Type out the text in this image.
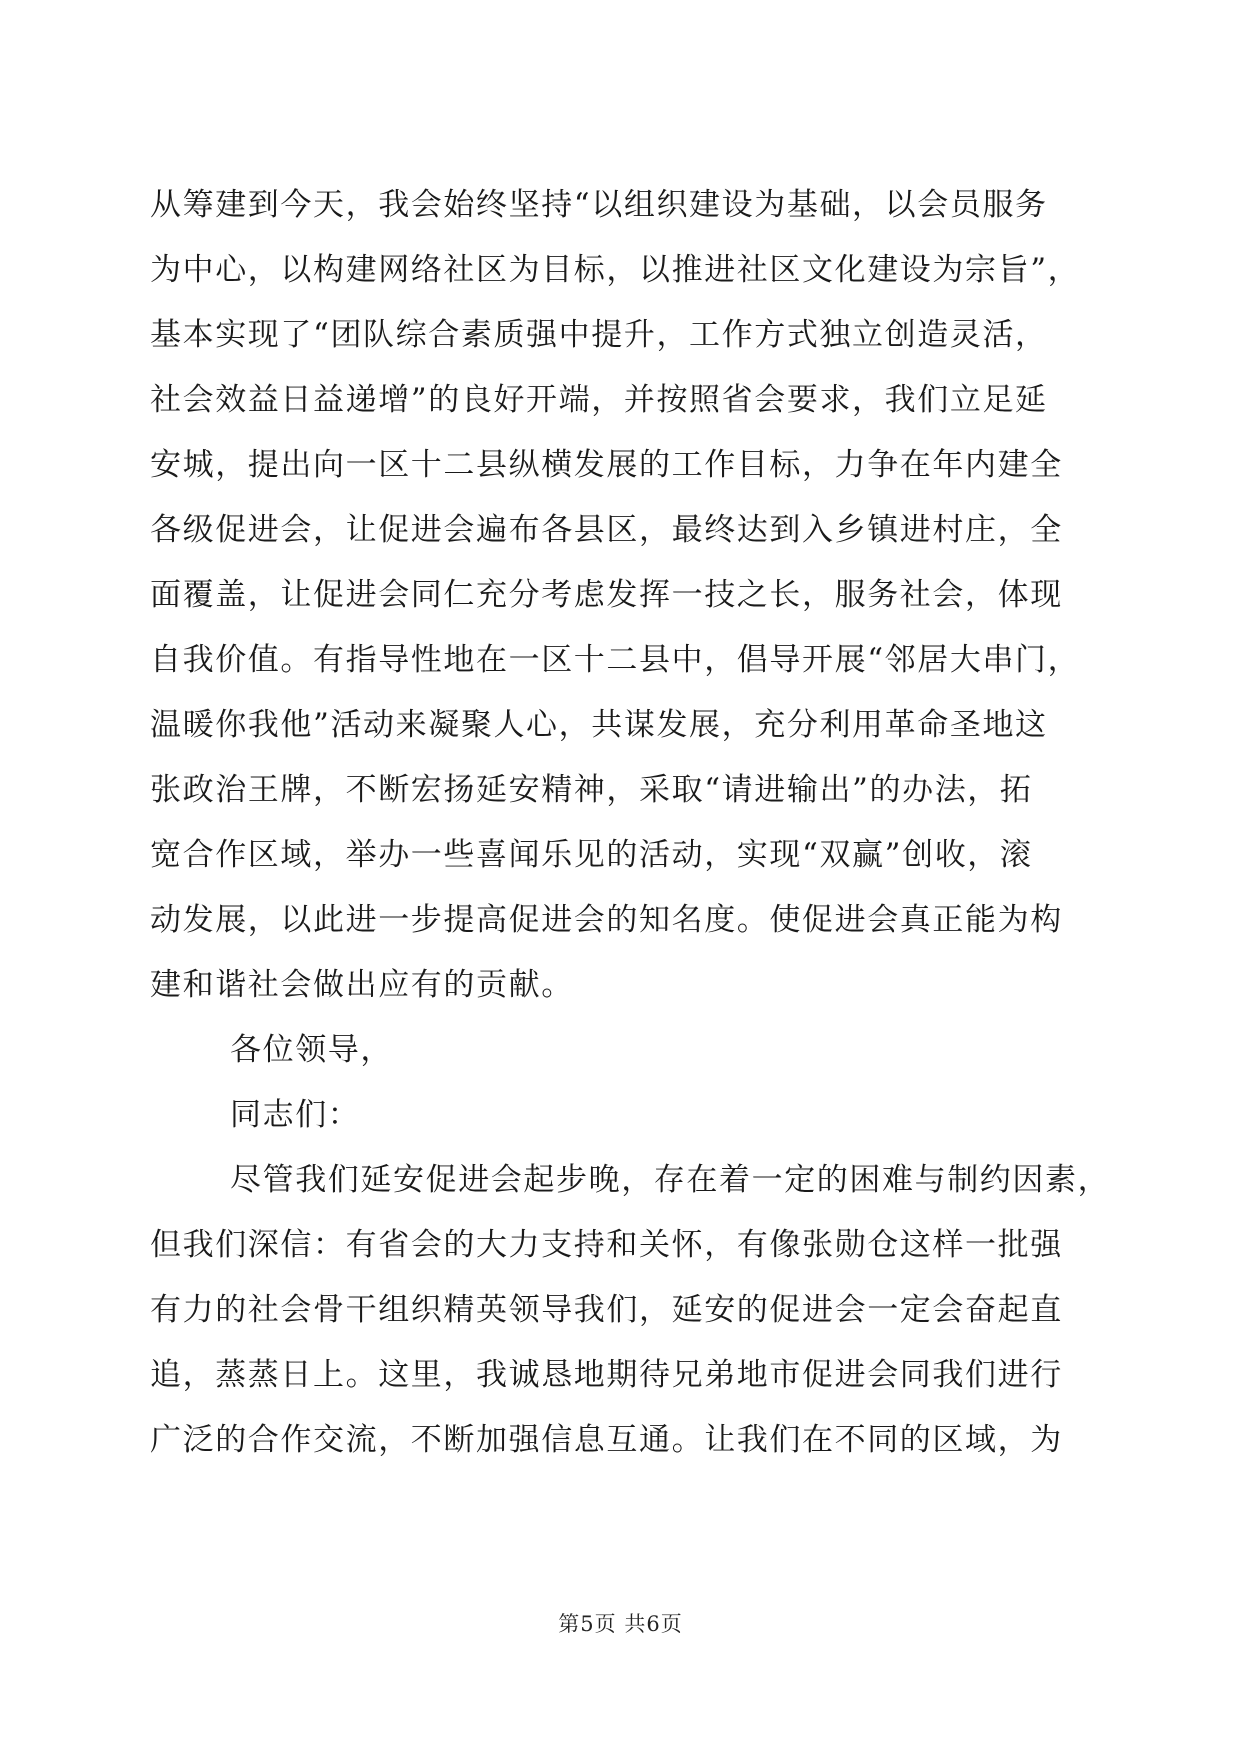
从筹建到今天，我会始终坚持“以组织建设为基础，以会员服务
为中心，以构建网络社区为目标，以推进社区文化建设为宗旨”，
基本实现了“团队综合素质强中提升，工作方式独立创造灵活，
社会效益日益递增”的良好开端，并按照省会要求，我们立足延
安城，提出向一区十二县纵横发展的工作目标，力争在年内建全
各级促进会，让促进会遍布各县区，最终达到入乡镇进村庄，全
面覆盖，让促进会同仁充分考虑发挥一技之长，服务社会，体现
自我价值。有指导性地在一区十二县中，倡导开展“邻居大串门，
温暖你我他”活动来凝聚人心，共谋发展，充分利用革命圣地这
张政治王牌，不断宏扬延安精神，采取“请进输出”的办法，拓
宽合作区域，举办一些喜闻乐见的活动，实现“双赢”创收，滚
动发展，以此进一步提高促进会的知名度。使促进会真正能为构
建和谐社会做出应有的贡献。
各位领导，
同志们：
尽管我们延安促进会起步晚，存在着一定的困难与制约因素，
但我们深信：有省会的大力支持和关怀，有像张勋仓这样一批强
有力的社会骨干组织精英领导我们，延安的促进会一定会奋起直
追，蒸蒸日上。这里，我诚恳地期待兄弟地市促进会同我们进行
广泛的合作交流，不断加强信息互通。让我们在不同的区域，为
第5页 共6页
